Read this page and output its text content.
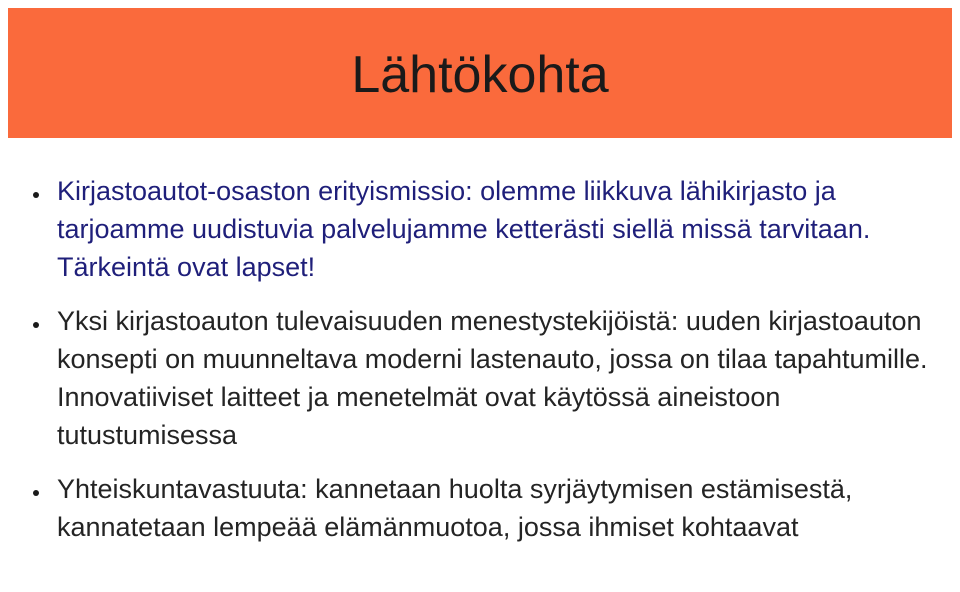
Lähtökohta
Kirjastoautot-osaston erityismissio: olemme liikkuva lähikirjasto ja tarjoamme uudistuvia palvelujamme ketterästi siellä missä tarvitaan. Tärkeintä ovat lapset!
Yksi kirjastoauton tulevaisuuden menestystekijöistä: uuden kirjastoauton konsepti on muunneltava moderni lastenauto, jossa on tilaa tapahtumille. Innovatiiviset laitteet ja menetelmät ovat käytössä aineistoon tutustumisessa
Yhteiskuntavastuuta: kannetaan huolta syrjäytymisen estämisestä, kannatetaan lempeää elämänmuotoa, jossa ihmiset kohtaavat
